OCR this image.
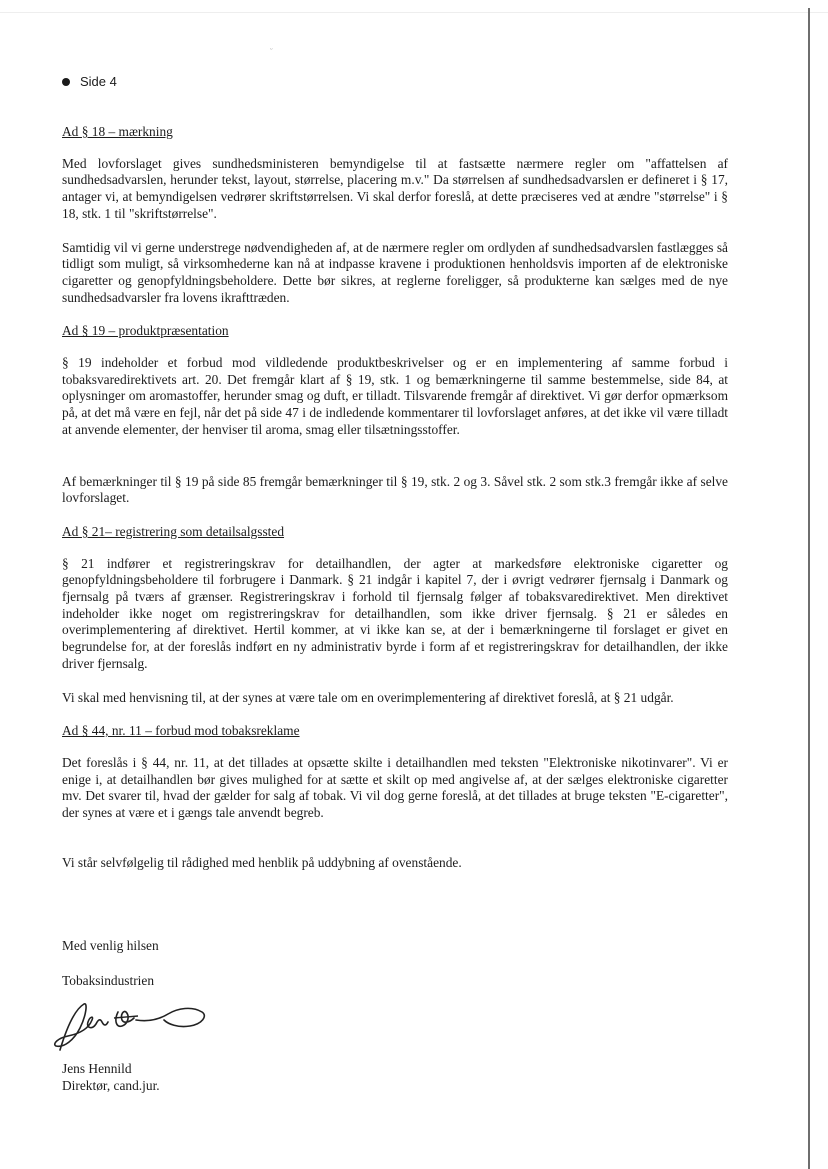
ᵕ
Side 4

Ad § 18 – mærkning

Med lovforslaget gives sundhedsministeren bemyndigelse til at fastsætte nærmere regler om "affattelsen af sundhedsadvarslen, herunder tekst, layout, størrelse, placering m.v." Da størrelsen af sundhedsadvarslen er defineret i § 17, antager vi, at bemyndigelsen vedrører skriftstørrelsen. Vi skal derfor foreslå, at dette præciseres ved at ændre "størrelse" i § 18, stk. 1 til "skriftstørrelse".

Samtidig vil vi gerne understrege nødvendigheden af, at de nærmere regler om ordlyden af sundhedsadvarslen fastlægges så tidligt som muligt, så virksomhederne kan nå at indpasse kravene i produktionen henholdsvis importen af de elektroniske cigaretter og genopfyldningsbeholdere. Dette bør sikres, at reglerne foreligger, så produkterne kan sælges med de nye sundhedsadvarsler fra lovens ikrafttræden.

Ad § 19 – produktpræsentation

§ 19 indeholder et forbud mod vildledende produktbeskrivelser og er en implementering af samme forbud i tobaksvaredirektivets art. 20. Det fremgår klart af § 19, stk. 1 og bemærkningerne til samme bestemmelse, side 84, at oplysninger om aromastoffer, herunder smag og duft, er tilladt. Tilsvarende fremgår af direktivet. Vi gør derfor opmærksom på, at det må være en fejl, når det på side 47 i de indledende kommentarer til lovforslaget anføres, at det ikke vil være tilladt at anvende elementer, der henviser til aroma, smag eller tilsætningsstoffer.

Af bemærkninger til § 19 på side 85 fremgår bemærkninger til § 19, stk. 2 og 3. Såvel stk. 2 som stk.3 fremgår ikke af selve lovforslaget.

Ad § 21– registrering som detailsalgssted

§ 21 indfører et registreringskrav for detailhandlen, der agter at markedsføre elektroniske cigaretter og genopfyldningsbeholdere til forbrugere i Danmark. § 21 indgår i kapitel 7, der i øvrigt vedrører fjernsalg i Danmark og fjernsalg på tværs af grænser. Registreringskrav i forhold til fjernsalg følger af tobaksvaredirektivet. Men direktivet indeholder ikke noget om registreringskrav for detailhandlen, som ikke driver fjernsalg. § 21 er således en overimplementering af direktivet. Hertil kommer, at vi ikke kan se, at der i bemærkningerne til forslaget er givet en begrundelse for, at der foreslås indført en ny administrativ byrde i form af et registreringskrav for detailhandlen, der ikke driver fjernsalg.

Vi skal med henvisning til, at der synes at være tale om en overimplementering af direktivet foreslå, at § 21 udgår.

Ad § 44, nr. 11 – forbud mod tobaksreklame

Det foreslås i § 44, nr. 11, at det tillades at opsætte skilte i detailhandlen med teksten "Elektroniske nikotinvarer". Vi er enige i, at detailhandlen bør gives mulighed for at sætte et skilt op med angivelse af, at der sælges elektroniske cigaretter mv. Det svarer til, hvad der gælder for salg af tobak. Vi vil dog gerne foreslå, at det tillades at bruge teksten "E-cigaretter", der synes at være et i gængs tale anvendt begreb.

Vi står selvfølgelig til rådighed med henblik på uddybning af ovenstående.

Med venlig hilsen
Tobaksindustrien
Jens Hennild
Direktør, cand.jur.
